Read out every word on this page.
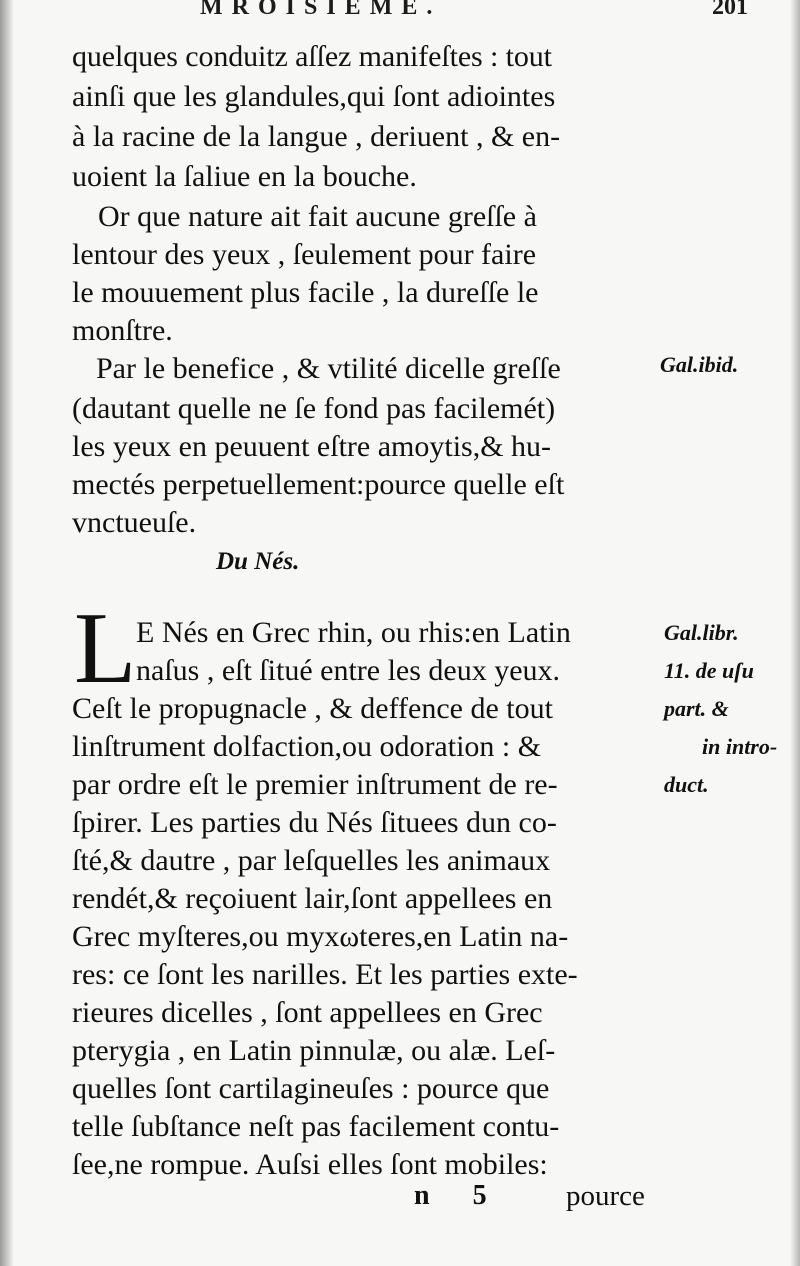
MROISIEME.	201
quelques conduitz aſſez manifeſtes : tout
ainſi que les glandules,qui ſont adiointes
à la racine de la langue , deriuent , & en-
uoient la ſaliue en la bouche.
Or que nature ait fait aucune greſſe à
lentour des yeux , ſeulement pour faire
le mouuement plus facile , la dureſſe le
monſtre.
Par le benefice , & vtilité dicelle greſſe
(dautant quelle ne ſe fond pas facilemét)
les yeux en peuuent eſtre amoytis,& hu-
mectés perpetuellement:pource quelle eſt
vnctueuſe.
E Nés en Grec rhin, ou rhis:en Latin
naſus , eſt ſitué entre les deux yeux.
Ceſt le propugnacle , & deffence de tout
linſtrument dolfaction,ou odoration : &
par ordre eſt le premier inſtrument de re-
ſpirer. Les parties du Nés ſituees dun co-
ſté,& dautre , par leſquelles les animaux
rendét,& reçoiuent lair,ſont appellees en
Grec myſteres,ou myxωteres,en Latin na-
res: ce ſont les narilles. Et les parties exte-
rieures dicelles , ſont appellees en Grec
pterygia , en Latin pinnulæ, ou alæ. Leſ-
quelles ſont cartilagineuſes : pource que
telle ſubſtance neſt pas facilement contu-
ſee,ne rompue. Auſsi elles ſont mobiles:
Du Nés.
L
Gal.ibid.
Gal.libr.
11. de uſu
part. &
in intro-
duct.
n 5 pource
